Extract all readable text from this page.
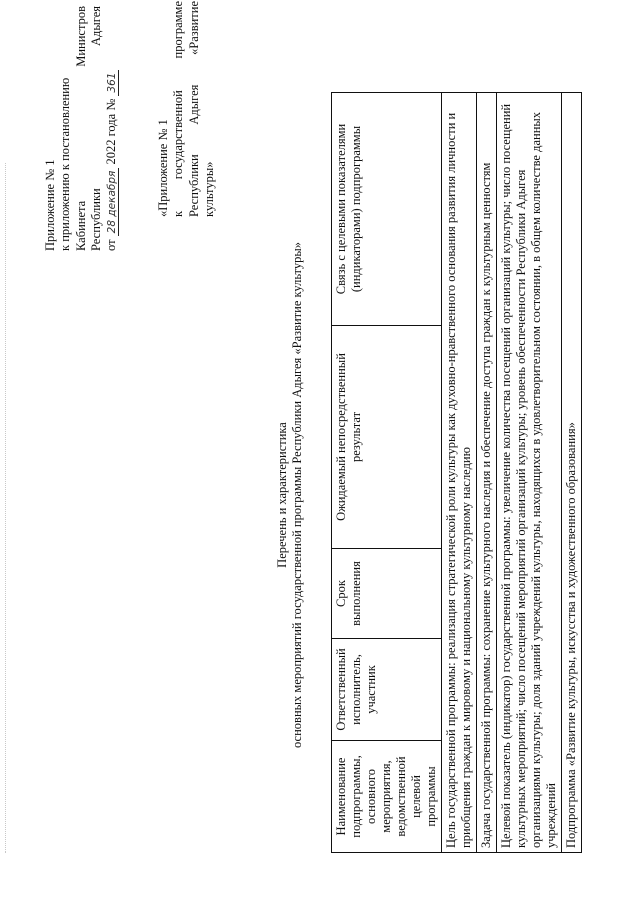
Приложение № 1 к приложению к постановлению Кабинета
Министров
Республики
Адыгея
от 28 декабря 2022 года № 361
«Приложение № 1 к
государственной
программе
Республики
Адыгея
«Развитие
культуры»
Перечень и характеристика основных мероприятий государственной программы Республики Адыгея «Развитие культуры»
Наименование подпрограммы, основного мероприятия, ведомственной целевой программы	Ответственный исполнитель, участник	Срок выполнения	Ожидаемый непосредственный результат	Связь с целевыми показателями (индикаторами) подпрограммы
Цель государственной программы: реализация стратегической роли культуры как духовно-нравственного основания развития личности и приобщения граждан к мировому и национальному культурному наследию
Задача государственной программы: сохранение культурного наследия и обеспечение доступа граждан к культурным ценностям
Целевой показатель (индикатор) государственной программы: увеличение количества посещений организаций культуры; число посещений культурных мероприятий; число посещений мероприятий организаций культуры; уровень обеспеченности Республики Адыгея организациями культуры; доля зданий учреждений культуры, находящихся в удовлетворительном состоянии, в общем количестве данных учреждений
Подпрограмма «Развитие культуры, искусства и художественного образования»
